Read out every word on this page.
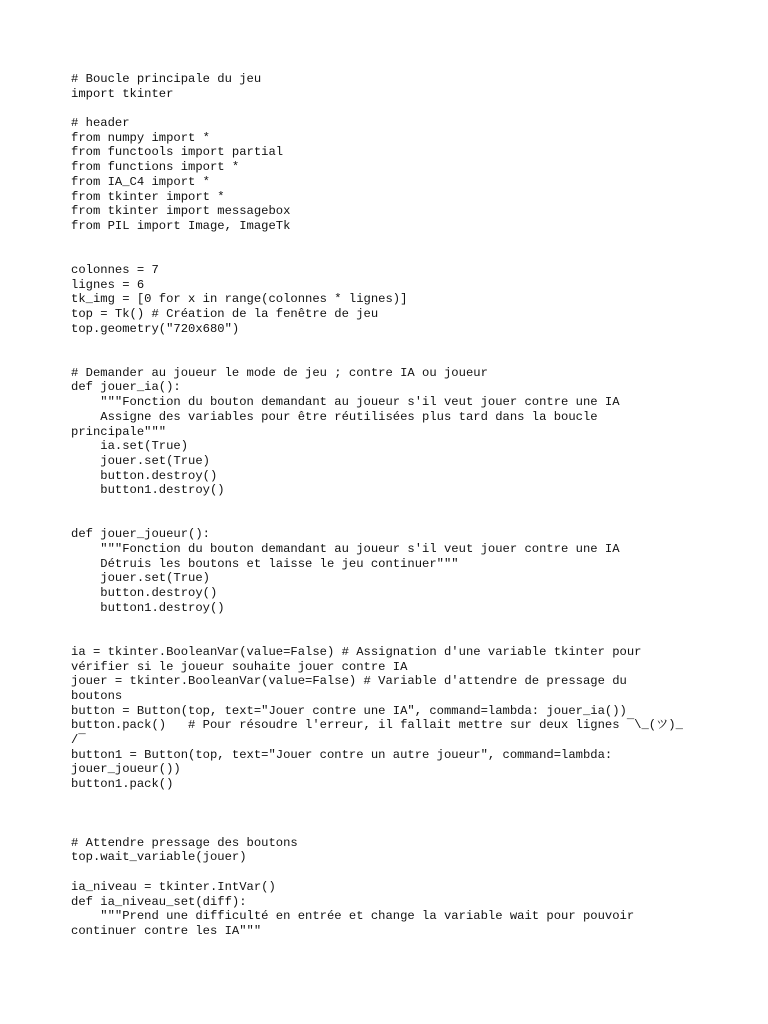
# Boucle principale du jeu
import tkinter
# header
from numpy import *
from functools import partial
from functions import *
from IA_C4 import *
from tkinter import *
from tkinter import messagebox
from PIL import Image, ImageTk
colonnes = 7
lignes = 6
tk_img = [0 for x in range(colonnes * lignes)]
top = Tk() # Création de la fenêtre de jeu
top.geometry("720x680")
# Demander au joueur le mode de jeu ; contre IA ou joueur
def jouer_ia():
"""Fonction du bouton demandant au joueur s'il veut jouer contre une IA
Assigne des variables pour être réutilisées plus tard dans la boucle
principale"""
ia.set(True)
jouer.set(True)
button.destroy()
button1.destroy()
def jouer_joueur():
"""Fonction du bouton demandant au joueur s'il veut jouer contre une IA
Détruis les boutons et laisse le jeu continuer"""
jouer.set(True)
button.destroy()
button1.destroy()
ia = tkinter.BooleanVar(value=False) # Assignation d'une variable tkinter pour
vérifier si le joueur souhaite jouer contre IA
jouer = tkinter.BooleanVar(value=False) # Variable d'attendre de pressage du
boutons
button = Button(top, text="Jouer contre une IA", command=lambda: jouer_ia())
button.pack()   # Pour résoudre l'erreur, il fallait mettre sur deux lignes ¯\_(ツ)_
/¯
button1 = Button(top, text="Jouer contre un autre joueur", command=lambda:
jouer_joueur())
button1.pack()
# Attendre pressage des boutons
top.wait_variable(jouer)
ia_niveau = tkinter.IntVar()
def ia_niveau_set(diff):
"""Prend une difficulté en entrée et change la variable wait pour pouvoir
continuer contre les IA"""
